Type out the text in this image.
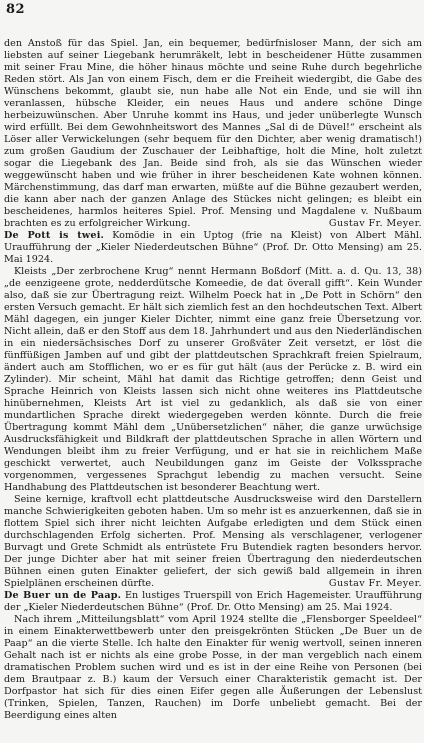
82

den Anstoß für das Spiel. Jan, ein bequemer, bedürfnisloser Mann, der sich am liebsten auf seiner Liegebank herumräkelt, lebt in bescheidener Hütte zusammen mit seiner Frau Mine, die höher hinaus möchte und seine Ruhe durch begehrliche Reden stört. Als Jan von einem Fisch, dem er die Freiheit wiedergibt, die Gabe des Wünschens bekommt, glaubt sie, nun habe alle Not ein Ende, und sie will ihn veranlassen, hübsche Kleider, ein neues Haus und andere schöne Dinge herbeizuwünschen. Aber Unruhe kommt ins Haus, und jeder unüberlegte Wunsch wird erfüllt. Bei dem Gewohnheitswort des Mannes „Sal di de Düvel!“ erscheint als Löser aller Verwickelungen (sehr bequem für den Dichter, aber wenig dramatisch!) zum großen Gaudium der Zuschauer der Leibhaftige, holt die Mine, holt zuletzt sogar die Liegebank des Jan. Beide sind froh, als sie das Wünschen wieder weggewünscht haben und wie früher in ihrer bescheidenen Kate wohnen können. Märchenstimmung, das darf man erwarten, müßte auf die Bühne gezaubert werden, die kann aber nach der ganzen Anlage des Stückes nicht gelingen; es bleibt ein bescheidenes, harmlos heiteres Spiel. Prof. Mensing und Magdalene v. Nußbaum brachten es zu erfolgreicher Wirkung.	Gustav Fr. Meyer.

De Pott is twei. Komödie in ein Uptog (frie na Kleist) von Albert Mähl. Uraufführung der „Kieler Niederdeutschen Bühne“ (Prof. Dr. Otto Mensing) am 25. Mai 1924.

Kleists „Der zerbrochene Krug“ nennt Hermann Boßdorf (Mitt. a. d. Qu. 13, 38) „de eenzigeene grote, nedderdütsche Komeedie, de dat överall gifft“. Kein Wunder also, daß sie zur Übertragung reizt. Wilhelm Poeck hat in „De Pott in Schörn“ den ersten Versuch gemacht. Er hält sich ziemlich fest an den hochdeutschen Text. Albert Mähl dagegen, ein junger Kieler Dichter, nimmt eine ganz freie Übersetzung vor. Nicht allein, daß er den Stoff aus dem 18. Jahrhundert und aus den Niederländischen in ein niedersächsisches Dorf zu unserer Großväter Zeit versetzt, er löst die fünffüßigen Jamben auf und gibt der plattdeutschen Sprachkraft freien Spielraum, ändert auch am Stofflichen, wo er es für gut hält (aus der Perücke z. B. wird ein Zylinder). Mir scheint, Mähl hat damit das Richtige getroffen; denn Geist und Sprache Heinrich von Kleists lassen sich nicht ohne weiteres ins Plattdeutsche hinübernehmen, Kleists Art ist viel zu gedanklich, als daß sie von einer mundartlichen Sprache direkt wiedergegeben werden könnte. Durch die freie Übertragung kommt Mähl dem „Unübersetzlichen“ näher, die ganze urwüchsige Ausdrucksfähigkeit und Bildkraft der plattdeutschen Sprache in allen Wörtern und Wendungen bleibt ihm zu freier Verfügung, und er hat sie in reichlichem Maße geschickt verwertet, auch Neubildungen ganz im Geiste der Volkssprache vorgenommen, vergessenes Sprachgut lebendig zu machen versucht. Seine Handhabung des Plattdeutschen ist besonderer Beachtung wert.

Seine kernige, kraftvoll echt plattdeutsche Ausdrucksweise wird den Darstellern manche Schwierigkeiten geboten haben. Um so mehr ist es anzuerkennen, daß sie in flottem Spiel sich ihrer nicht leichten Aufgabe erledigten und dem Stück einen durchschlagenden Erfolg sicherten. Prof. Mensing als verschlagener, verlogener Burvagt und Grete Schmidt als entrüstete Fru Butendiek ragten besonders hervor. Der junge Dichter aber hat mit seiner freien Übertragung den niederdeutschen Bühnen einen guten Einakter geliefert, der sich gewiß bald allgemein in ihren Spielplänen erscheinen dürfte.	Gustav Fr. Meyer.

De Buer un de Paap. En lustiges Truerspill von Erich Hagemeister. Uraufführung der „Kieler Niederdeutschen Bühne“ (Prof. Dr. Otto Mensing) am 25. Mai 1924.

Nach ihrem „Mitteilungsblatt“ vom April 1924 stellte die „Flensborger Speeldeel“ in einem Einakterwettbewerb unter den preisgekrönten Stücken „De Buer un de Paap“ an die vierte Stelle. Ich halte den Einakter für wenig wertvoll, seinen inneren Gehalt nach ist er nichts als eine grobe Posse, in der man vergeblich nach einem dramatischen Problem suchen wird und es ist in der eine Reihe von Personen (bei dem Brautpaar z. B.) kaum der Versuch einer Charakteristik gemacht ist. Der Dorfpastor hat sich für dies einen Eifer gegen alle Äußerungen der Lebenslust (Trinken, Spielen, Tanzen, Rauchen) im Dorfe unbeliebt gemacht. Bei der Beerdigung eines alten
